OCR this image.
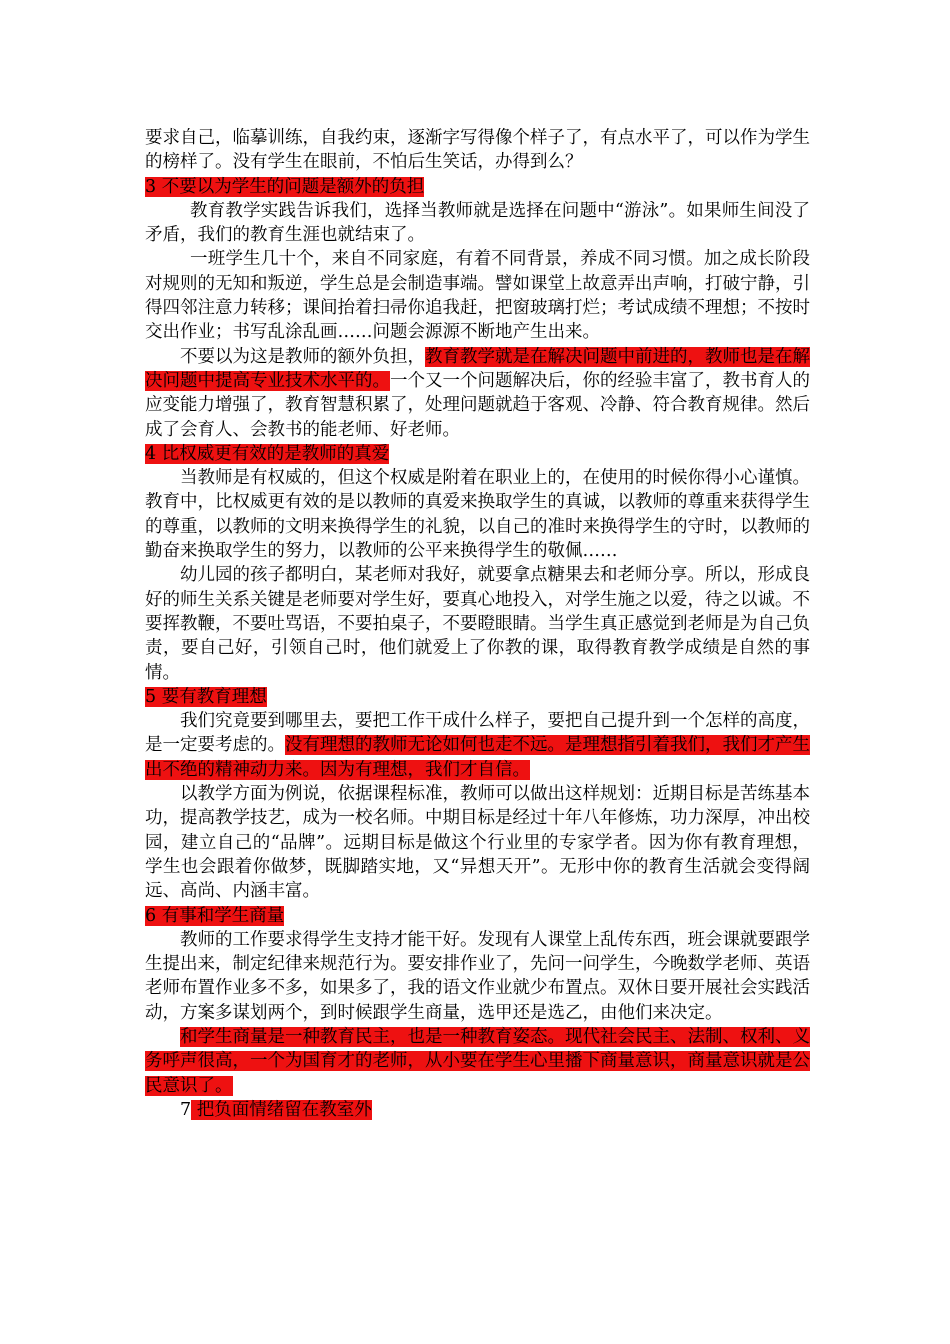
要求自己，临摹训练，自我约束，逐渐字写得像个样子了，有点水平了，可以作为学生的榜样了。没有学生在眼前，不怕后生笑话，办得到么？

3 不要以为学生的问题是额外的负担

教育教学实践告诉我们，选择当教师就是选择在问题中“游泳”。如果师生间没了矛盾，我们的教育生涯也就结束了。

一班学生几十个，来自不同家庭，有着不同背景，养成不同习惯。加之成长阶段对规则的无知和叛逆，学生总是会制造事端。譬如课堂上故意弄出声响，打破宁静，引得四邻注意力转移；课间抬着扫帚你追我赶，把窗玻璃打烂；考试成绩不理想；不按时交出作业；书写乱涂乱画……问题会源源不断地产生出来。

不要以为这是教师的额外负担，教育教学就是在解决问题中前进的，教师也是在解决问题中提高专业技术水平的。一个又一个问题解决后，你的经验丰富了，教书育人的应变能力增强了，教育智慧积累了，处理问题就趋于客观、冷静、符合教育规律。然后成了会育人、会教书的能老师、好老师。

4 比权威更有效的是教师的真爱

当教师是有权威的，但这个权威是附着在职业上的，在使用的时候你得小心谨慎。教育中，比权威更有效的是以教师的真爱来换取学生的真诚，以教师的尊重来获得学生的尊重，以教师的文明来换得学生的礼貌，以自己的准时来换得学生的守时，以教师的勤奋来换取学生的努力，以教师的公平来换得学生的敬佩……

幼儿园的孩子都明白，某老师对我好，就要拿点糖果去和老师分享。所以，形成良好的师生关系关键是老师要对学生好，要真心地投入，对学生施之以爱，待之以诚。不要挥教鞭，不要吐骂语，不要拍桌子，不要瞪眼睛。当学生真正感觉到老师是为自己负责，要自己好，引领自己时，他们就爱上了你教的课，取得教育教学成绩是自然的事情。

5 要有教育理想

我们究竟要到哪里去，要把工作干成什么样子，要把自己提升到一个怎样的高度，是一定要考虑的。没有理想的教师无论如何也走不远。是理想指引着我们，我们才产生出不绝的精神动力来。因为有理想，我们才自信。

以教学方面为例说，依据课程标准，教师可以做出这样规划：近期目标是苦练基本功，提高教学技艺，成为一校名师。中期目标是经过十年八年修炼，功力深厚，冲出校园，建立自己的“品牌”。远期目标是做这个行业里的专家学者。因为你有教育理想，学生也会跟着你做梦，既脚踏实地，又“异想天开”。无形中你的教育生活就会变得阔远、高尚、内涵丰富。

6 有事和学生商量

教师的工作要求得学生支持才能干好。发现有人课堂上乱传东西，班会课就要跟学生提出来，制定纪律来规范行为。要安排作业了，先问一问学生，今晚数学老师、英语老师布置作业多不多，如果多了，我的语文作业就少布置点。双休日要开展社会实践活动，方案多谋划两个，到时候跟学生商量，选甲还是选乙，由他们来决定。

和学生商量是一种教育民主，也是一种教育姿态。现代社会民主、法制、权利、义务呼声很高，一个为国育才的老师，从小要在学生心里播下商量意识，商量意识就是公民意识了。

7 把负面情绪留在教室外
